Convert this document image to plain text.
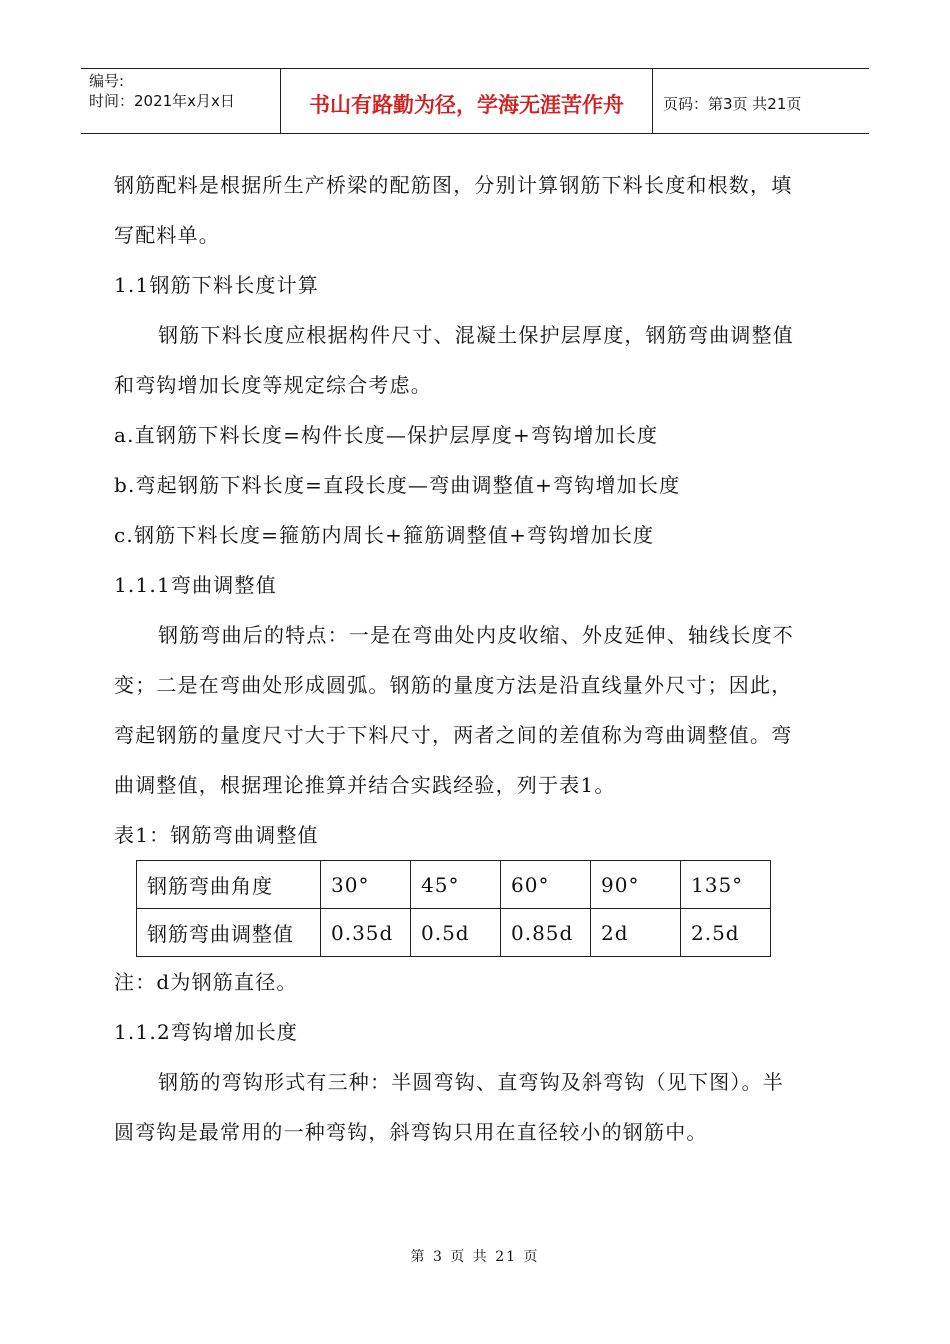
编号:
时间：2021年x月x日	书山有路勤为径，学海无涯苦作舟	页码：第3页 共21页

钢筋配料是根据所生产桥梁的配筋图，分别计算钢筋下料长度和根数，填

写配料单。

1.1钢筋下料长度计算

钢筋下料长度应根据构件尺寸、混凝土保护层厚度，钢筋弯曲调整值

和弯钩增加长度等规定综合考虑。

a.直钢筋下料长度=构件长度—保护层厚度+弯钩增加长度

b.弯起钢筋下料长度=直段长度—弯曲调整值+弯钩增加长度

c.钢筋下料长度=箍筋内周长+箍筋调整值+弯钩增加长度

1.1.1弯曲调整值

钢筋弯曲后的特点：一是在弯曲处内皮收缩、外皮延伸、轴线长度不

变；二是在弯曲处形成圆弧。钢筋的量度方法是沿直线量外尺寸；因此，

弯起钢筋的量度尺寸大于下料尺寸，两者之间的差值称为弯曲调整值。弯

曲调整值，根据理论推算并结合实践经验，列于表1。

表1：钢筋弯曲调整值

钢筋弯曲角度	30°	45°	60°	90°	135°
钢筋弯曲调整值	0.35d	0.5d	0.85d	2d	2.5d

注：d为钢筋直径。

1.1.2弯钩增加长度

钢筋的弯钩形式有三种：半圆弯钩、直弯钩及斜弯钩（见下图）。半

圆弯钩是最常用的一种弯钩，斜弯钩只用在直径较小的钢筋中。

第 3 页 共 21 页
